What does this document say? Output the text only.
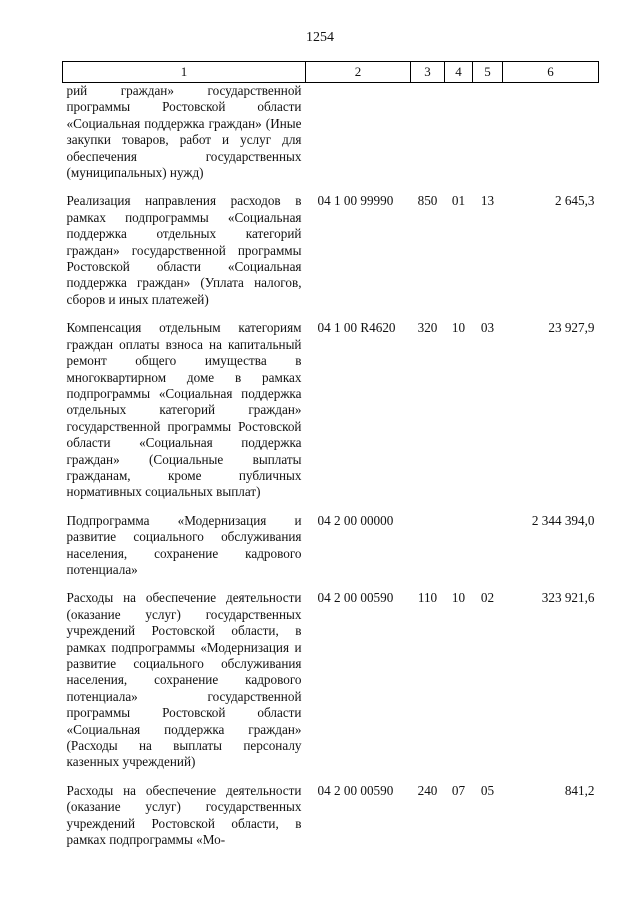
1254
1	2	3	4	5	6
рий граждан» государственной программы Ростовской области «Социальная поддержка граждан» (Иные закупки товаров, работ и услуг для обеспечения государственных (муниципальных) нужд)					
Реализация направления расходов в рамках подпрограммы «Социальная поддержка отдельных категорий граждан» государственной программы Ростовской области «Социальная поддержка граждан» (Уплата налогов, сборов и иных платежей)	04 1 00 99990	850	01	13	2 645,3
Компенсация отдельным категориям граждан оплаты взноса на капитальный ремонт общего имущества в многоквартирном доме в рамках подпрограммы «Социальная поддержка отдельных категорий граждан» государственной программы Ростовской области «Социальная поддержка граждан» (Социальные выплаты гражданам, кроме публичных нормативных социальных выплат)	04 1 00 R4620	320	10	03	23 927,9
Подпрограмма «Модернизация и развитие социального обслуживания населения, сохранение кадрового потенциала»	04 2 00 00000				2 344 394,0
Расходы на обеспечение деятельности (оказание услуг) государственных учреждений Ростовской области, в рамках подпрограммы «Модернизация и развитие социального обслуживания населения, сохранение кадрового потенциала» государственной программы Ростовской области «Социальная поддержка граждан» (Расходы на выплаты персоналу казенных учреждений)	04 2 00 00590	110	10	02	323 921,6
Расходы на обеспечение деятельности (оказание услуг) государственных учреждений Ростовской области, в рамках подпрограммы «Мо-	04 2 00 00590	240	07	05	841,2
